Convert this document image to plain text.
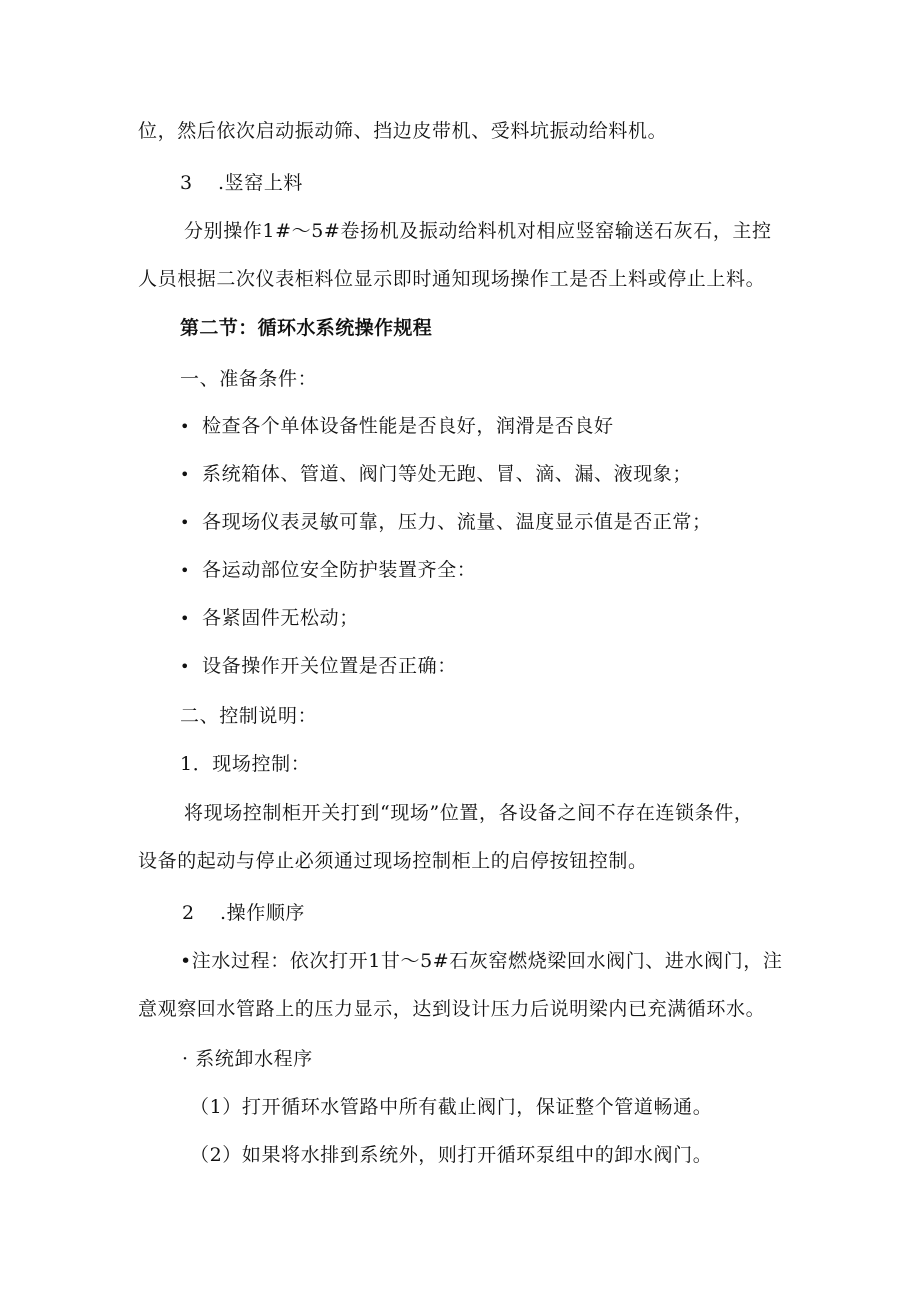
位，然后依次启动振动筛、挡边皮带机、受料坑振动给料机。
3 .竖窑上料
分别操作1#～5#卷扬机及振动给料机对相应竖窑输送石灰石，主控
人员根据二次仪表柜料位显示即时通知现场操作工是否上料或停止上料。
第二节：循环水系统操作规程
一、准备条件：
• 检查各个单体设备性能是否良好，润滑是否良好
• 系统箱体、管道、阀门等处无跑、冒、滴、漏、液现象；
• 各现场仪表灵敏可靠，压力、流量、温度显示值是否正常；
• 各运动部位安全防护装置齐全：
• 各紧固件无松动；
• 设备操作开关位置是否正确：
二、控制说明：
1．现场控制：
将现场控制柜开关打到“现场”位置，各设备之间不存在连锁条件，
设备的起动与停止必须通过现场控制柜上的启停按钮控制。
2 .操作顺序
•注水过程：依次打开1甘～5#石灰窑燃烧梁回水阀门、进水阀门，注
意观察回水管路上的压力显示，达到设计压力后说明梁内已充满循环水。
· 系统卸水程序
（1）打开循环水管路中所有截止阀门，保证整个管道畅通。
（2）如果将水排到系统外，则打开循环泵组中的卸水阀门。
